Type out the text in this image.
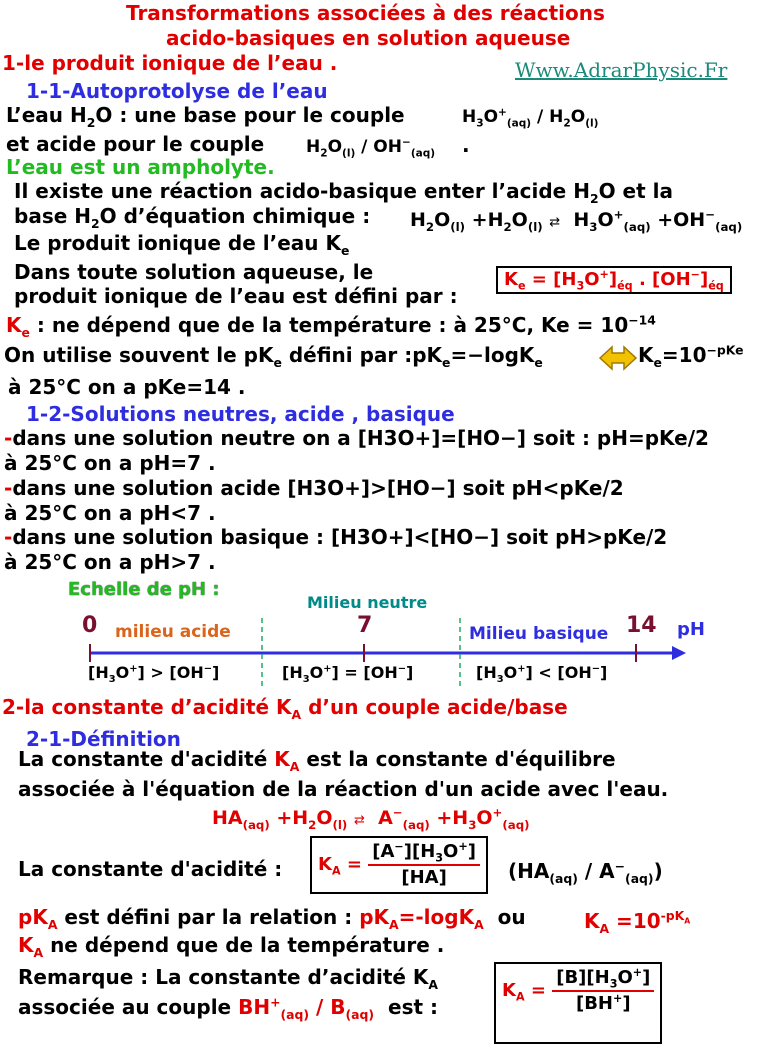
Transformations associées à des réactions
acido-basiques en solution aqueuse
1-le produit ionique de l’eau .	Www.AdrarPhysic.Fr
1-1-Autoprotolyse de l’eau
L’eau $H_2O$ : une base pour le couple	$H_3O^+_{(aq)} / H_2O_{(l)}$
et acide pour le couple $H_2O_{(l)} / OH^-_{(aq)}$ .
L’eau est un ampholyte.
Il existe une réaction acido-basique enter l’acide $H_2O$ et la
base $H_2O$ d’équation chimique : $H_2O_{(l)} +H_2O_{(l)}$ ⇄  $H_3O^+_{(aq)} +OH^-_{(aq)}$
Le produit ionique de l’eau $K_e$
Dans toute solution aqueuse, le
produit ionique de l’eau est défini par :
$K_e = [H_3O^+]_{éq}$ . $[OH^-]_{éq}$
$K_e$ : ne dépend que de la température : à 25°C, $Ke = 10^{-14}$
On utilise souvent le $pK_e$ défini par $:pK_e=-\log K_e$	$K_e=10^{-pKe}$
à 25°C on a pKe=14 .
1-2-Solutions neutres, acide , basique
-dans une solution neutre on a [H3O+]=[HO−] soit : pH=pKe/2
à 25°C on a pH=7 .
-dans une solution acide [H3O+]>[HO−] soit pH<pKe/2
à 25°C on a pH<7 .
-dans une solution basique : [H3O+]<[HO−] soit pH>pKe/2
à 25°C on a pH>7 .
Echelle de pH :
Milieu neutre
0 milieu acide	7	Milieu basique 14 pH
$[H_3O^+] > [OH^-]$	$[H_3O^+] = [OH^-]$	$[H_3O^+] < [OH^-]$
2-la constante d’acidité $K_A$ d’un couple acide/base
2-1-Définition
La constante d'acidité $K_A$ est la constante d'équilibre
associée à l'équation de la réaction d'un acide avec l'eau.
$HA_{(aq)} +H_2O_{(l)}$ ⇄  $A^-_{(aq)} +H_3O^+_{(aq)}$
La constante d'acidité :	$K_A = \frac{[A^-][H_3O^+]}{[HA]} (HA_{(aq)} / A^-_{(aq)})$
$pK_A$ est défini par la relation : $pK_A=-\log K_A$ ou	$K_A =10^{-pK_A}$
$K_A$ ne dépend que de la température .
Remarque : La constante d’acidité $K_A$
associée au couple $BH^+_{(aq)} / B_{(aq)}$ est :
$K_A = \frac{[B][H_3O^+]}{[BH^+]}$
